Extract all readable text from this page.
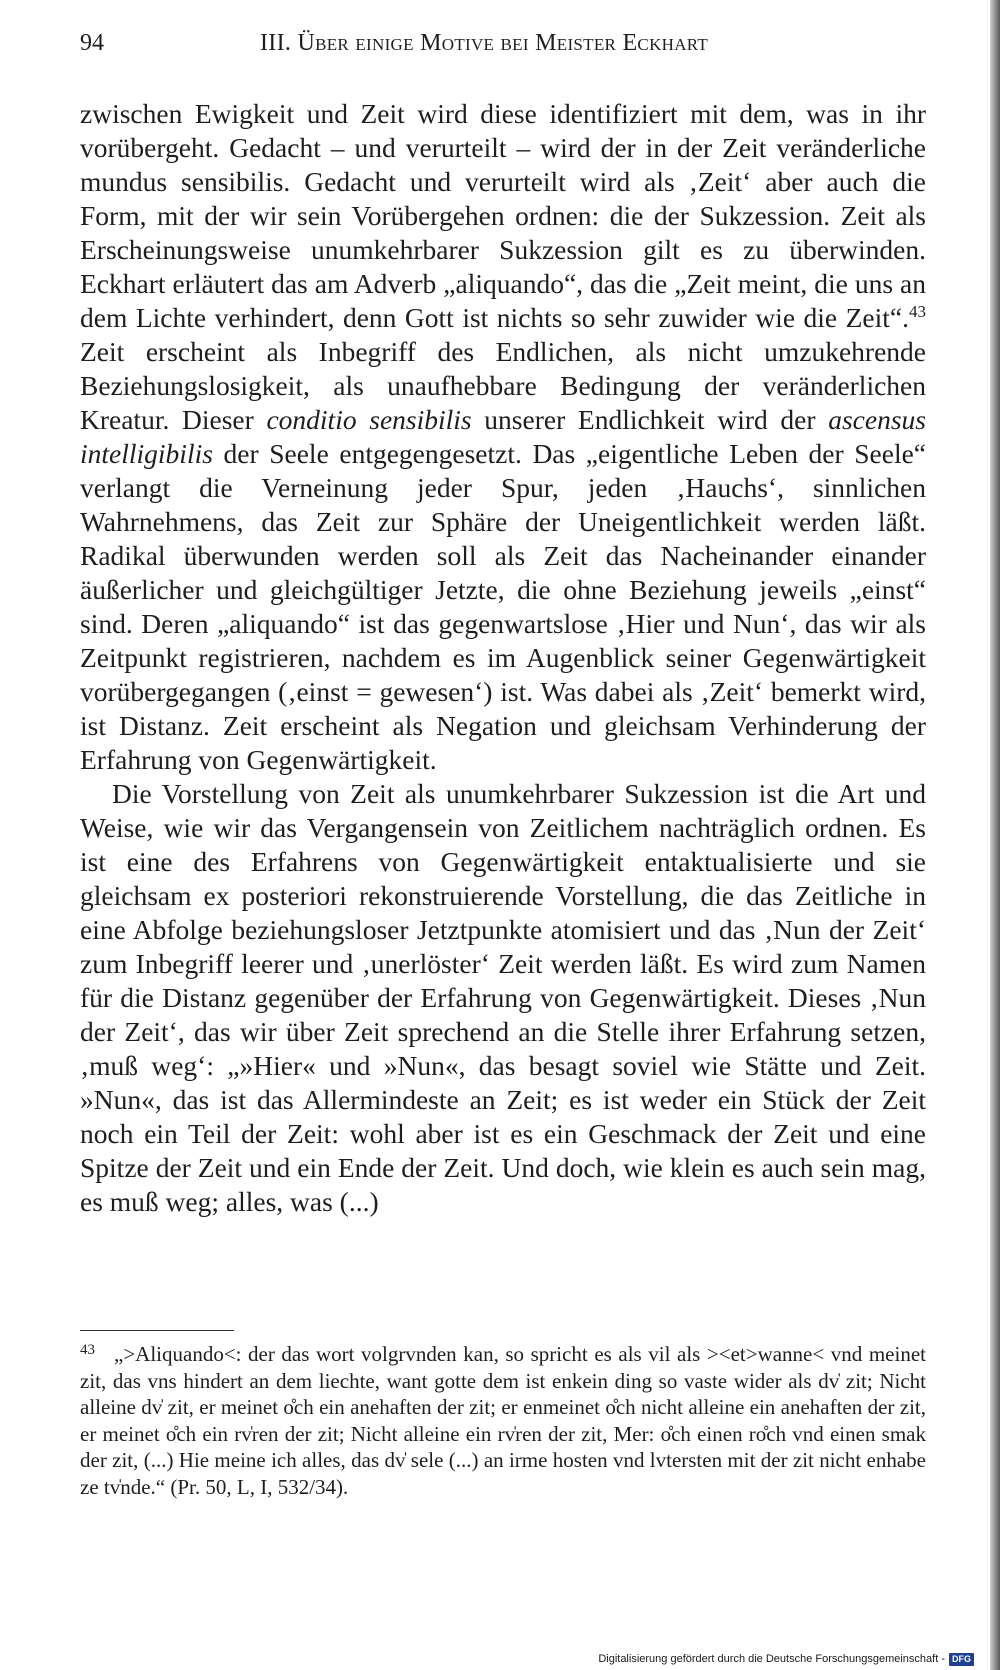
94	III. Über einige Motive bei Meister Eckhart

zwischen Ewigkeit und Zeit wird diese identifiziert mit dem, was in ihr vorübergeht. Gedacht – und verurteilt – wird der in der Zeit veränderliche mundus sensibilis. Gedacht und verurteilt wird als ‚Zeit‘ aber auch die Form, mit der wir sein Vorübergehen ordnen: die der Sukzession. Zeit als Erscheinungsweise unumkehrbarer Sukzession gilt es zu überwinden. Eckhart erläutert das am Adverb „aliquando“, das die „Zeit meint, die uns an dem Lichte verhindert, denn Gott ist nichts so sehr zuwider wie die Zeit“.$^{43}$ Zeit erscheint als Inbegriff des Endlichen, als nicht umzukehrende Beziehungslosigkeit, als unaufhebbare Bedingung der veränderlichen Kreatur. Dieser conditio sensibilis unserer Endlichkeit wird der ascensus intelligibilis der Seele entgegengesetzt. Das „eigentliche Leben der Seele“ verlangt die Verneinung jeder Spur, jeden ‚Hauchs‘, sinnlichen Wahrnehmens, das Zeit zur Sphäre der Uneigentlichkeit werden läßt. Radikal überwunden werden soll als Zeit das Nacheinander einander äußerlicher und gleichgültiger Jetzte, die ohne Beziehung jeweils „einst“ sind. Deren „aliquando“ ist das gegenwartslose ‚Hier und Nun‘, das wir als Zeitpunkt registrieren, nachdem es im Augenblick seiner Gegenwärtigkeit vorübergegangen (‚einst = gewesen‘) ist. Was dabei als ‚Zeit‘ bemerkt wird, ist Distanz. Zeit erscheint als Negation und gleichsam Verhinderung der Erfahrung von Gegenwärtigkeit.

Die Vorstellung von Zeit als unumkehrbarer Sukzession ist die Art und Weise, wie wir das Vergangensein von Zeitlichem nachträglich ordnen. Es ist eine des Erfahrens von Gegenwärtigkeit entaktualisierte und sie gleichsam ex posteriori rekonstruierende Vorstellung, die das Zeitliche in eine Abfolge beziehungsloser Jetztpunkte atomisiert und das ‚Nun der Zeit‘ zum Inbegriff leerer und ‚unerlöster‘ Zeit werden läßt. Es wird zum Namen für die Distanz gegenüber der Erfahrung von Gegenwärtigkeit. Dieses ‚Nun der Zeit‘, das wir über Zeit sprechend an die Stelle ihrer Erfahrung setzen, ‚muß weg‘: „»Hier« und »Nun«, das besagt soviel wie Stätte und Zeit. »Nun«, das ist das Allermindeste an Zeit; es ist weder ein Stück der Zeit noch ein Teil der Zeit: wohl aber ist es ein Geschmack der Zeit und eine Spitze der Zeit und ein Ende der Zeit. Und doch, wie klein es auch sein mag, es muß weg; alles, was (...)

43 „>Aliquando<: der das wort volgrvnden kan, so spricht es als vil als ><et>wanne< vnd meinet zit, das vns hindert an dem liechte, want gotte dem ist enkein ding so vaste wider als dv̍ zit; Nicht alleine dv̍ zit, er meinet o̊ch ein anehaften der zit; er enmeinet o̊ch nicht alleine ein anehaften der zit, er meinet o̊ch ein rv̍ren der zit; Nicht alleine ein rv̍ren der zit, Mer: o̊ch einen ro̊ch vnd einen smak der zit, (...) Hie meine ich alles, das dv̍ sele (...) an irme hosten vnd lvtersten mit der zit nicht enhabe ze tv̍nde.“ (Pr. 50, L, I, 532/34).

Digitalisierung gefördert durch die Deutsche Forschungsgemeinschaft - DFG
